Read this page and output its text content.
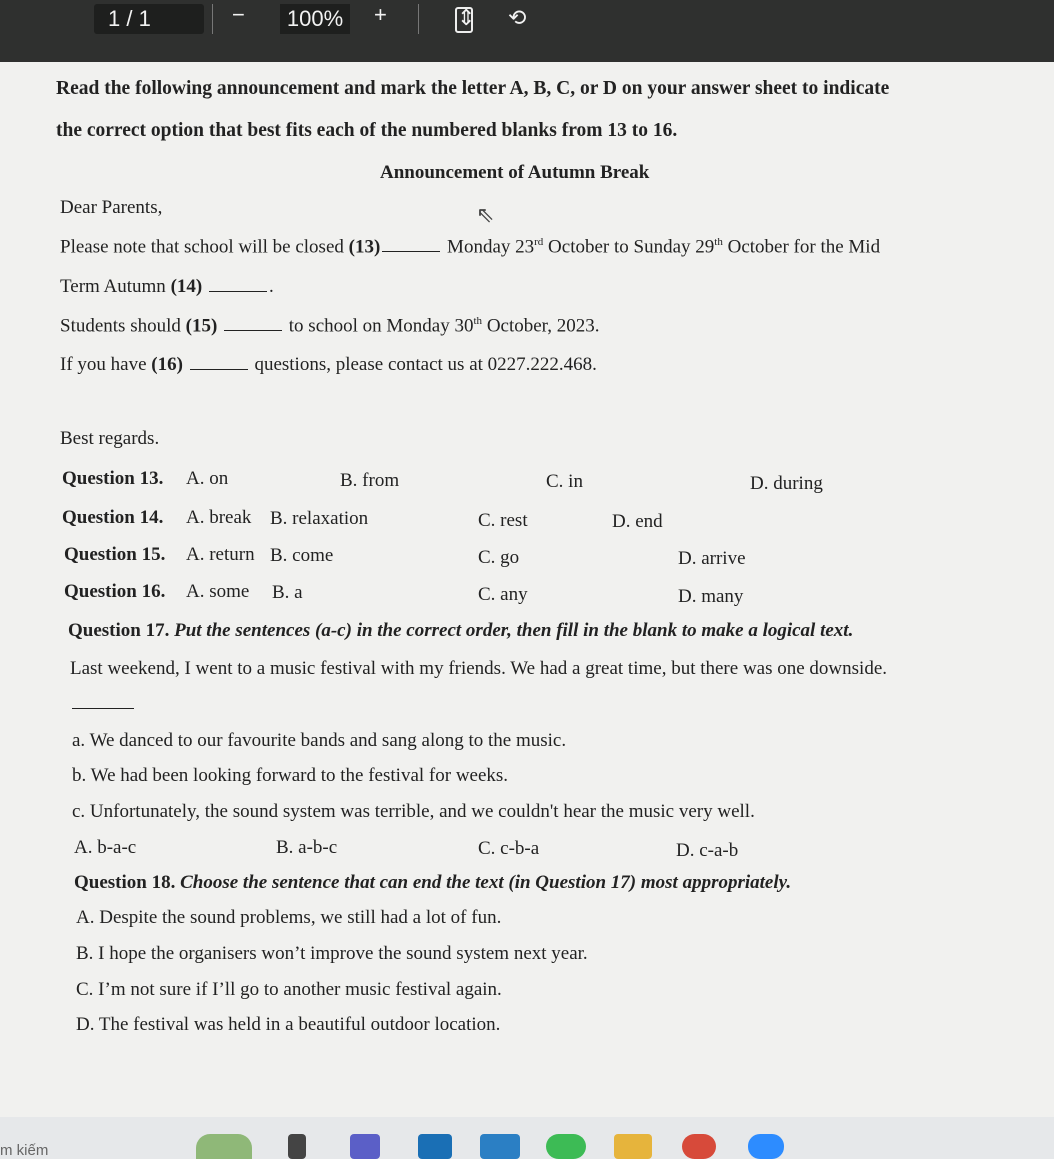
1 / 1	−	100%	+	⇕ ⟲
Read the following announcement and mark the letter A, B, C, or D on your answer sheet to indicate
the correct option that best fits each of the numbered blanks from 13 to 16.
Announcement of Autumn Break
Dear Parents,
Please note that school will be closed (13)	Monday 23rd October to Sunday 29th October for the Mid
Term Autumn (14)	.
Students should (15)	to school on Monday 30th October, 2023.
If you have (16)	questions, please contact us at 0227.222.468.
Best regards.
Question 13. A. on	B. from	C. in	D. during
Question 14. A. break B. relaxation	C. rest	D. end
Question 15. A. return B. come	C. go	D. arrive
Question 16. A. some B. a	C. any	D. many
Question 17. Put the sentences (a-c) in the correct order, then fill in the blank to make a logical text.
Last weekend, I went to a music festival with my friends. We had a great time, but there was one downside.
a. We danced to our favourite bands and sang along to the music.
b. We had been looking forward to the festival for weeks.
c. Unfortunately, the sound system was terrible, and we couldn't hear the music very well.
A. b-a-c	B. a-b-c	C. c-b-a	D. c-a-b
Question 18. Choose the sentence that can end the text (in Question 17) most appropriately.
A. Despite the sound problems, we still had a lot of fun.
B. I hope the organisers won’t improve the sound system next year.
C. I’m not sure if I’ll go to another music festival again.
D. The festival was held in a beautiful outdoor location.
⇖
m kiếm
